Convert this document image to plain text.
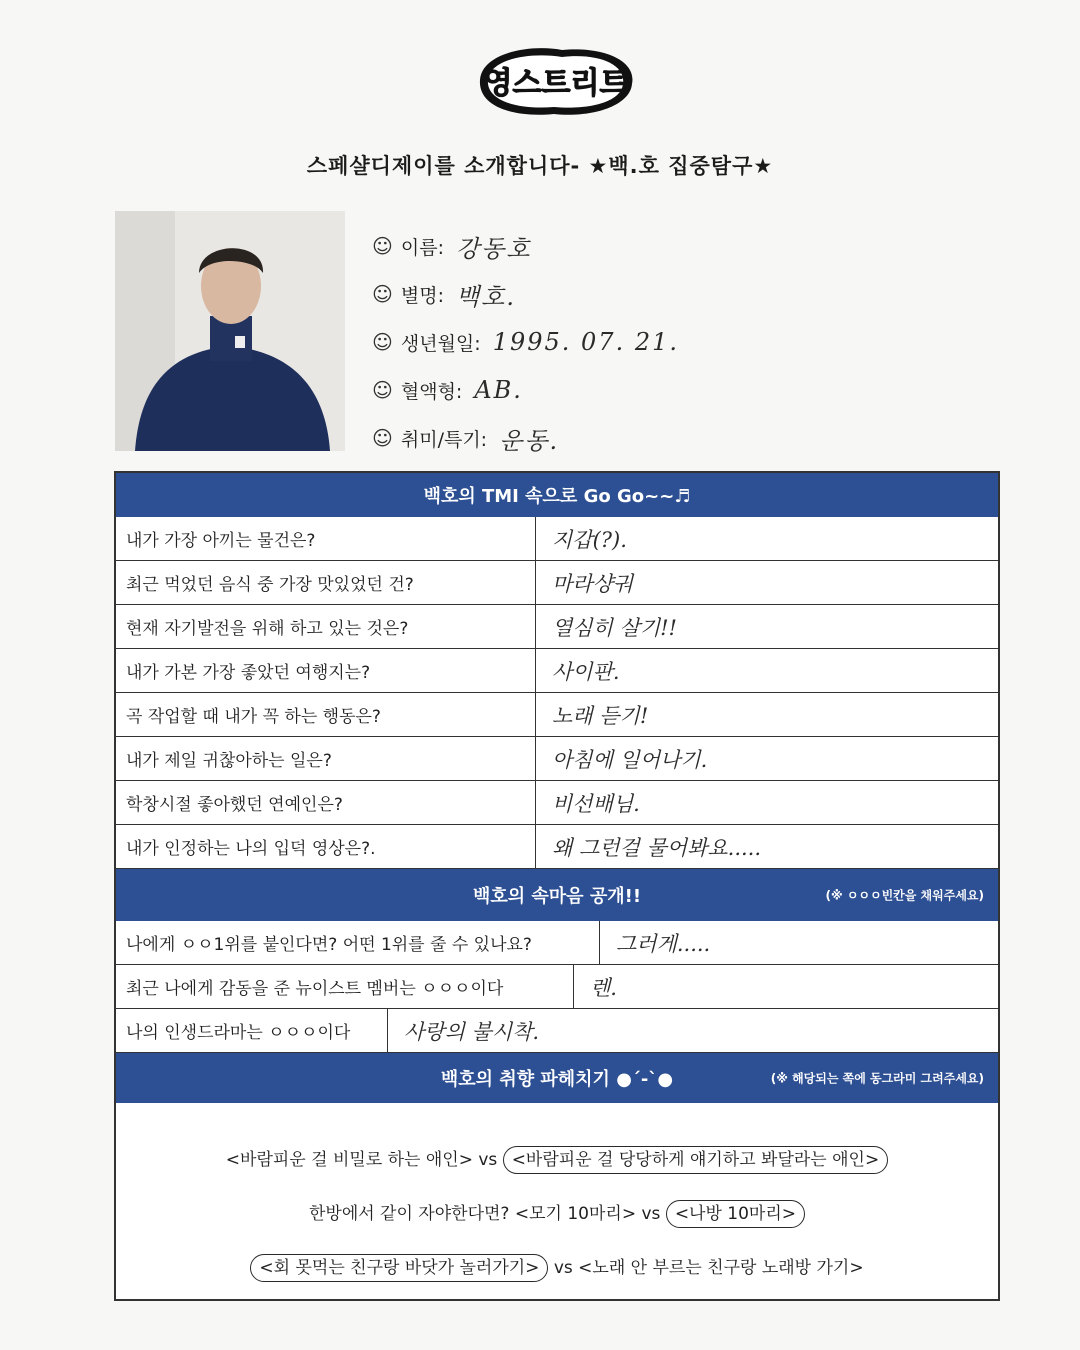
영스트리트
스페샬디제이를 소개합니다- ★백.호 집중탐구★
☺ 이름: 강동호
☺ 별명: 백호.
☺ 생년월일: 1995. 07. 21.
☺ 혈액형: AB.
☺ 취미/특기: 운동.
백호의 TMI 속으로 Go Go~~♬
내가 가장 아끼는 물건은?	지갑(?).
최근 먹었던 음식 중 가장 맛있었던 건?	마라샹궈
현재 자기발전을 위해 하고 있는 것은?	열심히 살기!!
내가 가본 가장 좋았던 여행지는?	사이판.
곡 작업할 때 내가 꼭 하는 행동은?	노래 듣기!
내가 제일 귀찮아하는 일은?	아침에 일어나기.
학창시절 좋아했던 연예인은?	비선배님.
내가 인정하는 나의 입덕 영상은?.	왜 그런걸 물어봐요.....
백호의 속마음 공개!!	(※ ㅇㅇㅇ빈칸을 채워주세요)
나에게 ㅇㅇ1위를 붙인다면? 어떤 1위를 줄 수 있나요?	그러게.....
최근 나에게 감동을 준 뉴이스트 멤버는 ㅇㅇㅇ이다	렌.
나의 인생드라마는 ㅇㅇㅇ이다	사랑의 불시착.
백호의 취향 파헤치기 ●´-`●	(※ 해당되는 쪽에 동그라미 그려주세요)
<바람피운 걸 비밀로 하는 애인> vs <바람피운 걸 당당하게 얘기하고 봐달라는 애인>
한방에서 같이 자야한다면? <모기 10마리> vs <나방 10마리>
<회 못먹는 친구랑 바닷가 놀러가기> vs <노래 안 부르는 친구랑 노래방 가기>
